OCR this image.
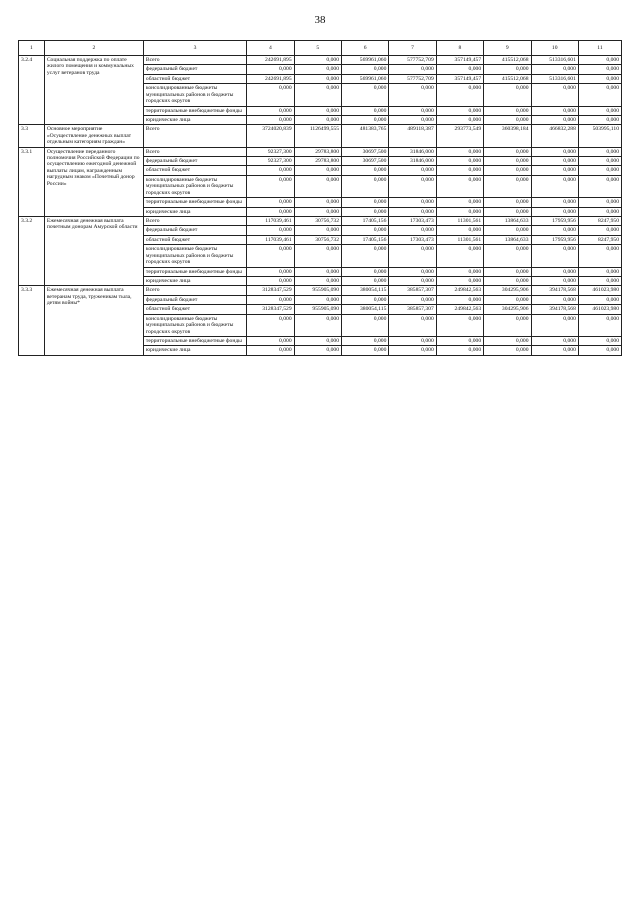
38
1	2	3	4	5	6	7	8	9	10	11
3.2.4	Социальная поддержка по оплате жилого помещения и коммунальных услуг ветеранов труда	Всего	242691,895	0,000	569961,060	577752,709	357149,457	415512,068	513316,601	0,000
		федеральный бюджет	0,000	0,000	0,000	0,000	0,000	0,000	0,000	0,000
		областной бюджет	242691,895	0,000	569961,060	577752,709	357149,457	415512,068	513316,601	0,000
		консолидированные бюджеты муниципальных районов и бюджеты городских округов	0,000	0,000	0,000	0,000	0,000	0,000	0,000	0,000
		территориальные внебюджетные фонды	0,000	0,000	0,000	0,000	0,000	0,000	0,000	0,000
		юридические лица	0,000	0,000	0,000	0,000	0,000	0,000	0,000	0,000
3.3	Основное мероприятие «Осуществление денежных выплат отдельным категориям граждан»	Всего	3724020,839	1126499,555	481383,765	489118,387	293773,549	360398,184	466832,288	503995,110
3.3.1	Осуществление переданного полномочия Российской Федерации по осуществлению ежегодной денежной выплаты лицам, награжденным нагрудным знаком «Почетный донор России»	Всего	92327,300	29783,800	30697,500	31846,000	0,000	0,000	0,000	0,000
		федеральный бюджет	92327,300	29783,800	30697,500	31846,000	0,000	0,000	0,000	0,000
		областной бюджет	0,000	0,000	0,000	0,000	0,000	0,000	0,000	0,000
		консолидированные бюджеты муниципальных районов и бюджеты городских округов	0,000	0,000	0,000	0,000	0,000	0,000	0,000	0,000
		территориальные внебюджетные фонды	0,000	0,000	0,000	0,000	0,000	0,000	0,000	0,000
		юридические лица	0,000	0,000	0,000	0,000	0,000	0,000	0,000	0,000
3.3.2	Ежемесячная денежная выплата почетным донорам Амурской области	Всего	117039,461	30756,732	17405,156	17303,473	11301,561	13864,633	17959,956	8247,950
		федеральный бюджет	0,000	0,000	0,000	0,000	0,000	0,000	0,000	0,000
		областной бюджет	117039,461	30756,732	17405,156	17303,473	11301,561	13864,633	17959,956	8247,950
		консолидированные бюджеты муниципальных районов и бюджеты городских округов	0,000	0,000	0,000	0,000	0,000	0,000	0,000	0,000
		территориальные внебюджетные фонды	0,000	0,000	0,000	0,000	0,000	0,000	0,000	0,000
		юридические лица	0,000	0,000	0,000	0,000	0,000	0,000	0,000	0,000
3.3.3	Ежемесячная денежная выплата ветеранам труда, труженикам тыла, детям войны*	Всего	3128347,529	955905,090	380054,115	385857,307	249842,563	304295,906	394178,568	461023,980
		федеральный бюджет	0,000	0,000	0,000	0,000	0,000	0,000	0,000	0,000
		областной бюджет	3128347,529	955905,090	380054,115	385857,307	249842,563	304295,906	394178,568	461023,980
		консолидированные бюджеты муниципальных районов и бюджеты городских округов	0,000	0,000	0,000	0,000	0,000	0,000	0,000	0,000
		территориальные внебюджетные фонды	0,000	0,000	0,000	0,000	0,000	0,000	0,000	0,000
		юридические лица	0,000	0,000	0,000	0,000	0,000	0,000	0,000	0,000
